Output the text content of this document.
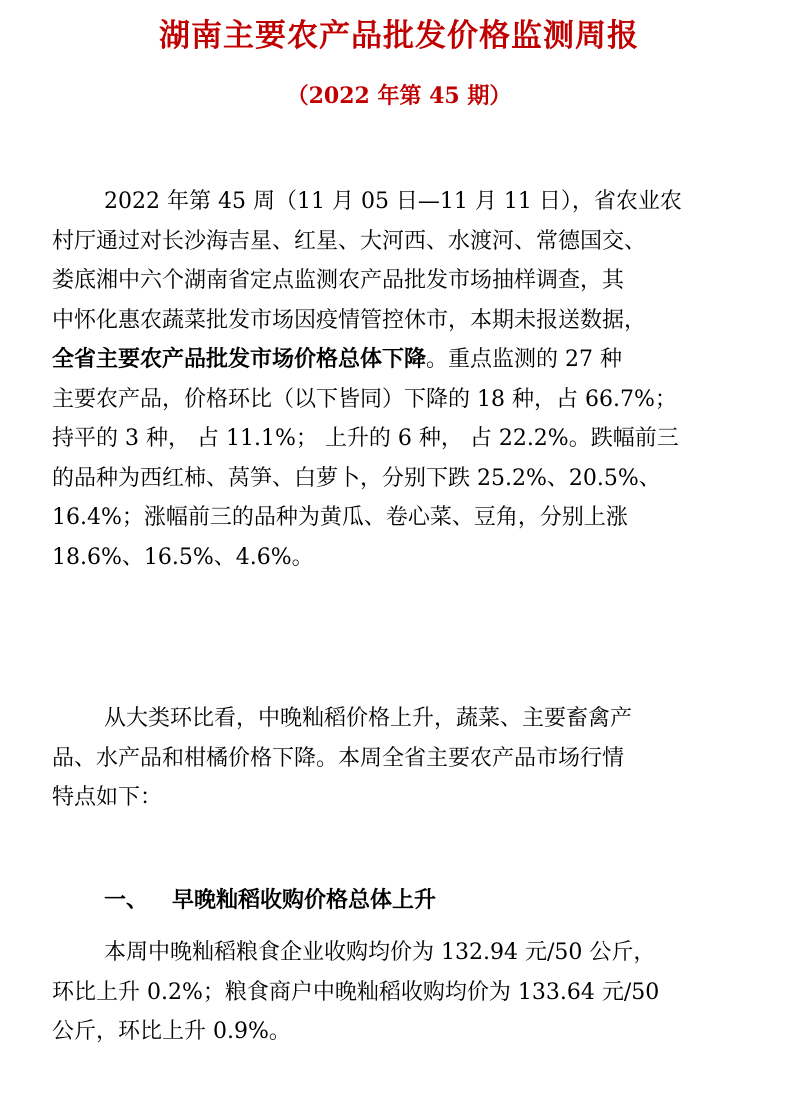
湖南主要农产品批发价格监测周报
（2022 年第 45 期）
2022 年第 45 周（11 月 05 日—11 月 11 日），省农业农
村厅通过对长沙海吉星、红星、大河西、水渡河、常德国交、
娄底湘中六个湖南省定点监测农产品批发市场抽样调查，其
中怀化惠农蔬菜批发市场因疫情管控休市，本期未报送数据，
全省主要农产品批发市场价格总体下降。重点监测的 27 种
主要农产品，价格环比（以下皆同）下降的 18 种，占 66.7%；
持平的 3 种， 占 11.1%； 上升的 6 种， 占 22.2%。跌幅前三
的品种为西红柿、莴笋、白萝卜，分别下跌 25.2%、20.5%、
16.4%；涨幅前三的品种为黄瓜、卷心菜、豆角，分别上涨
18.6%、16.5%、4.6%。
从大类环比看，中晚籼稻价格上升，蔬菜、主要畜禽产
品、水产品和柑橘价格下降。本周全省主要农产品市场行情
特点如下：
一、 早晚籼稻收购价格总体上升
本周中晚籼稻粮食企业收购均价为 132.94 元/50 公斤，
环比上升 0.2%；粮食商户中晚籼稻收购均价为 133.64 元/50
公斤，环比上升 0.9%。
